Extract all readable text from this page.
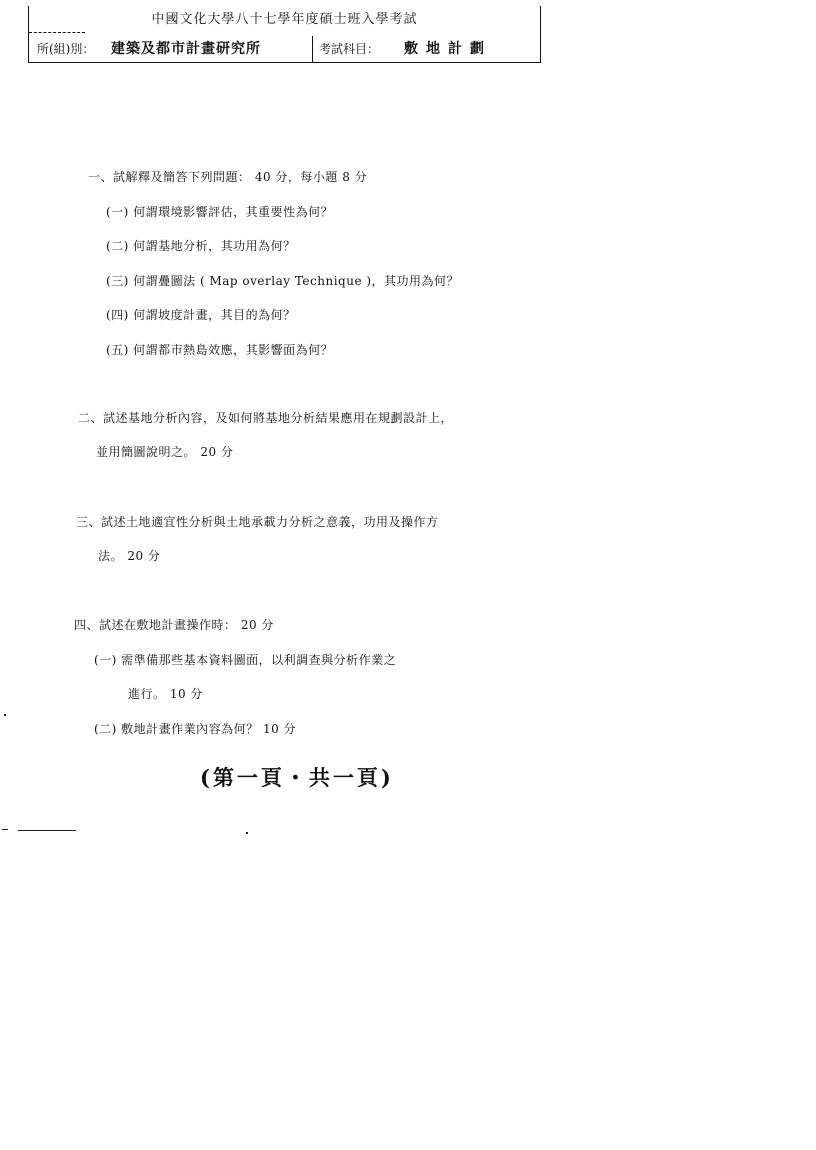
中國文化大學八十七學年度碩士班入學考試
所(組)別： 建築及都市計畫研究所	考試科目： 敷地計劃
一、試解釋及簡答下列問題： 40 分，每小題 8 分
(一) 何謂環境影響評估，其重要性為何？
(二) 何謂基地分析，其功用為何？
(三) 何謂疊圖法 ( Map overlay Technique )，其功用為何？
(四) 何謂坡度計畫，其目的為何？
(五) 何謂都市熱島效應，其影響面為何？
二、試述基地分析內容，及如何將基地分析結果應用在規劃設計上，
並用簡圖說明之。 20 分
三、試述土地適宜性分析與土地承載力分析之意義，功用及操作方
法。 20 分
四、試述在敷地計畫操作時： 20 分
(一) 需準備那些基本資料圖面，以利調查與分析作業之
進行。 10 分
(二) 敷地計畫作業內容為何？ 10 分
(第一頁・共一頁)
